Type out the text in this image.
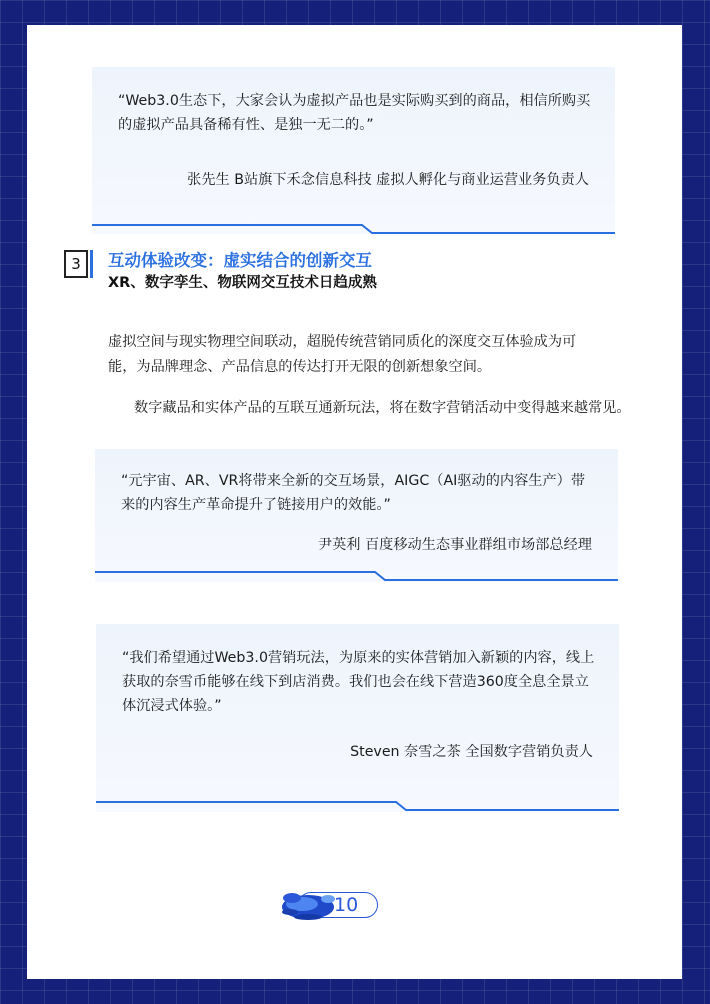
“Web3.0生态下，大家会认为虚拟产品也是实际购买到的商品，相信所购买的虚拟产品具备稀有性、是独一无二的。”
张先生 B站旗下禾念信息科技 虚拟人孵化与商业运营业务负责人
3	互动体验改变：虚实结合的创新交互
XR、数字孪生、物联网交互技术日趋成熟
虚拟空间与现实物理空间联动，超脱传统营销同质化的深度交互体验成为可能，为品牌理念、产品信息的传达打开无限的创新想象空间。
数字藏品和实体产品的互联互通新玩法，将在数字营销活动中变得越来越常见。
“元宇宙、AR、VR将带来全新的交互场景，AIGC（AI驱动的内容生产）带来的内容生产革命提升了链接用户的效能。”
尹英利 百度移动生态事业群组市场部总经理
“我们希望通过Web3.0营销玩法，为原来的实体营销加入新颖的内容，线上获取的奈雪币能够在线下到店消费。我们也会在线下营造360度全息全景立体沉浸式体验。”
Steven 奈雪之茶 全国数字营销负责人
10
